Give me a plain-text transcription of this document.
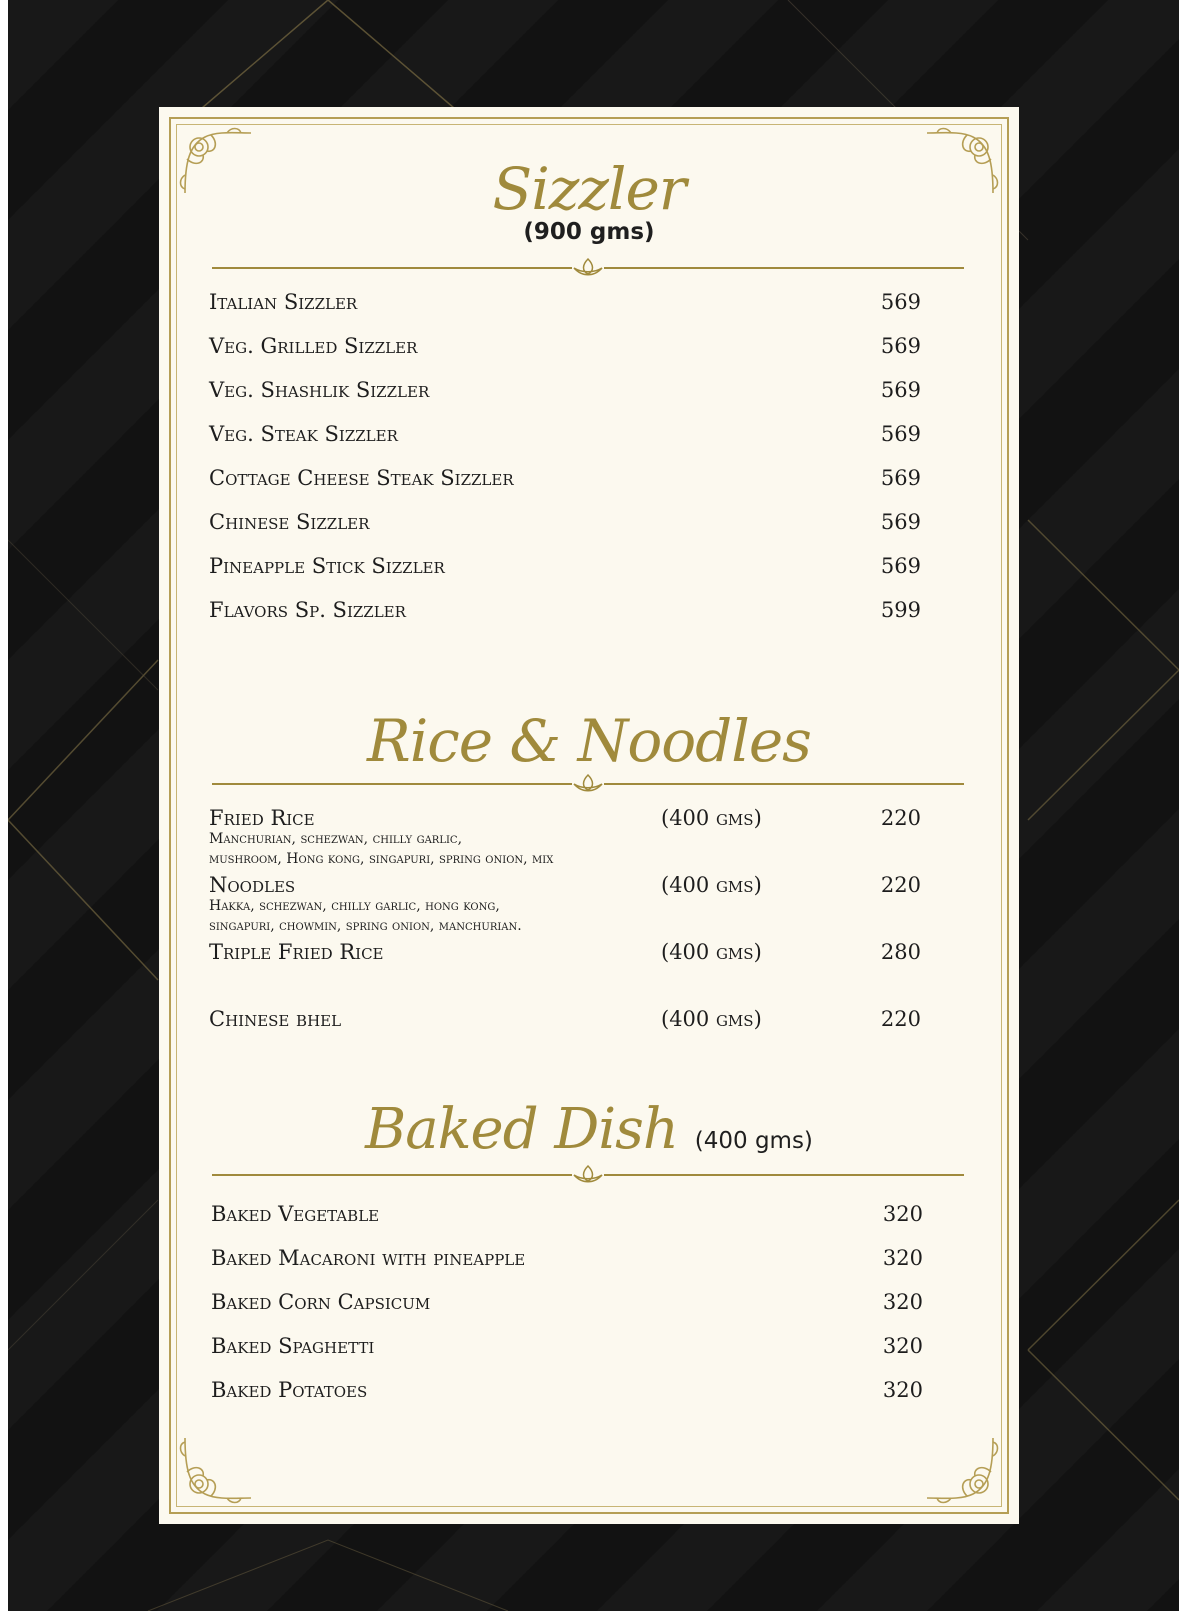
Sizzler
(900 gms)
Italian Sizzler	569
Veg. Grilled Sizzler	569
Veg. Shashlik Sizzler	569
Veg. Steak Sizzler	569
Cottage Cheese Steak Sizzler	569
Chinese Sizzler	569
Pineapple Stick Sizzler	569
Flavors Sp. Sizzler	599
Rice & Noodles
Fried Rice	(400 gms)	220
Manchurian, schezwan, chilly garlic,
mushroom, Hong kong, singapuri, spring onion, mix
Noodles	(400 gms)	220
Hakka, schezwan, chilly garlic, hong kong,
singapuri, chowmin, spring onion, manchurian.
Triple Fried Rice	(400 gms)	280
Chinese bhel	(400 gms)	220
Baked Dish (400 gms)
Baked Vegetable	320
Baked Macaroni with pineapple	320
Baked Corn Capsicum	320
Baked Spaghetti	320
Baked Potatoes	320
